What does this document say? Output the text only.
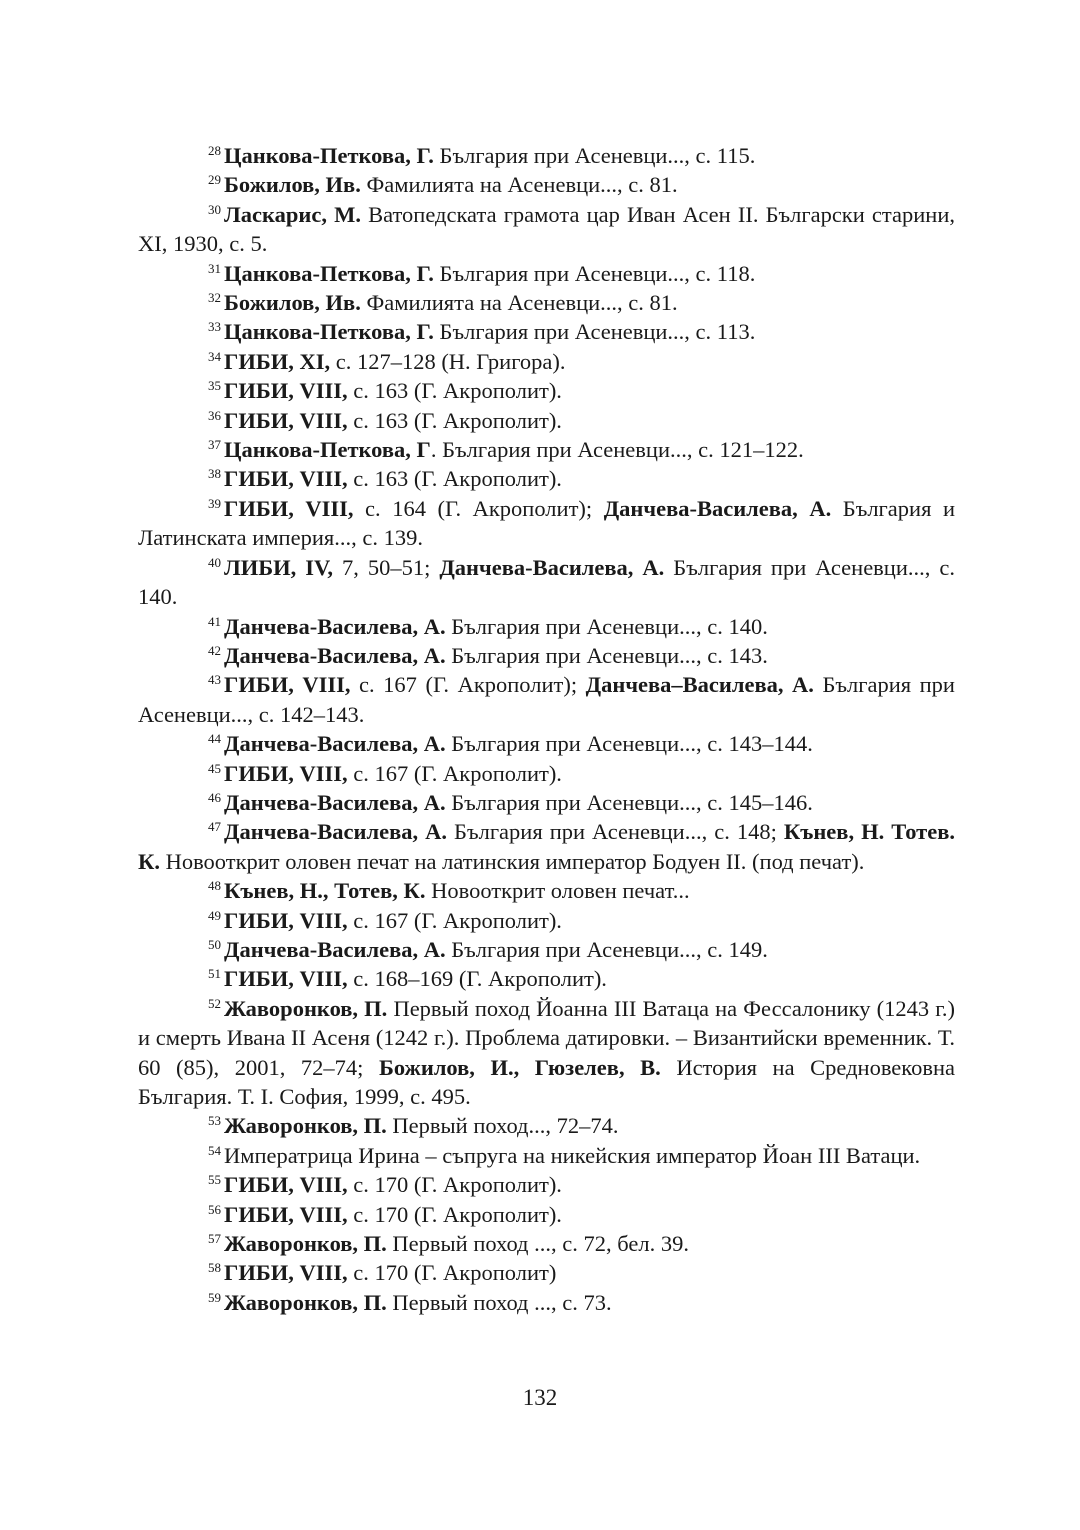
$^{28}$ Цанкова-Петкова, Г. България при Асеневци..., с. 115.

$^{29}$ Божилов, Ив. Фамилията на Асеневци..., с. 81.

$^{30}$ Ласкарис, М. Ватопедската грамота цар Иван Асен II. Български старини, XI, 1930, с. 5.

$^{31}$ Цанкова-Петкова, Г. България при Асеневци..., с. 118.

$^{32}$ Божилов, Ив. Фамилията на Асеневци..., с. 81.

$^{33}$ Цанкова-Петкова, Г. България при Асеневци..., с. 113.

$^{34}$ ГИБИ, XI, с. 127–128 (Н. Григора).

$^{35}$ ГИБИ, VIII, с. 163 (Г. Акрополит).

$^{36}$ ГИБИ, VIII, с. 163 (Г. Акрополит).

$^{37}$ Цанкова-Петкова, Г. България при Асеневци..., с. 121–122.

$^{38}$ ГИБИ, VIII, с. 163 (Г. Акрополит).

$^{39}$ ГИБИ, VIII, с. 164 (Г. Акрополит); Данчева-Василева, А. България и Латинската империя..., с. 139.

$^{40}$ ЛИБИ, IV, 7, 50–51; Данчева-Василева, А. България при Асеневци..., с. 140.

$^{41}$ Данчева-Василева, А. България при Асеневци..., с. 140.

$^{42}$ Данчева-Василева, А. България при Асеневци..., с. 143.

$^{43}$ ГИБИ, VIII, с. 167 (Г. Акрополит); Данчева–Василева, А. България при Асеневци..., с. 142–143.

$^{44}$ Данчева-Василева, А. България при Асеневци..., с. 143–144.

$^{45}$ ГИБИ, VIII, с. 167 (Г. Акрополит).

$^{46}$ Данчева-Василева, А. България при Асеневци..., с. 145–146.

$^{47}$ Данчева-Василева, А. България при Асеневци..., с. 148; Кънев, Н. Тотев. К. Новооткрит оловен печат на латинския император Бодуен II. (под печат).

$^{48}$ Кънев, Н., Тотев, К. Новооткрит оловен печат...

$^{49}$ ГИБИ, VIII, с. 167 (Г. Акрополит).

$^{50}$ Данчева-Василева, А. България при Асеневци..., с. 149.

$^{51}$ ГИБИ, VIII, с. 168–169 (Г. Акрополит).

$^{52}$ Жаворонков, П. Первый поход Йоанна III Ватаца на Фессалонику (1243 г.) и смерть Ивана II Асеня (1242 г.). Проблема датировки. – Византийски временник. Т. 60 (85), 2001, 72–74; Божилов, И., Гюзелев, В. История на Средновековна България. Т. I. София, 1999, с. 495.

$^{53}$ Жаворонков, П. Первый поход..., 72–74.

$^{54}$ Императрица Ирина – съпруга на никейския император Йоан III Ватаци.

$^{55}$ ГИБИ, VIII, с. 170 (Г. Акрополит).

$^{56}$ ГИБИ, VIII, с. 170 (Г. Акрополит).

$^{57}$ Жаворонков, П. Первый поход ..., с. 72, бел. 39.

$^{58}$ ГИБИ, VIII, с. 170 (Г. Акрополит)

$^{59}$ Жаворонков, П. Первый поход ..., с. 73.

132
